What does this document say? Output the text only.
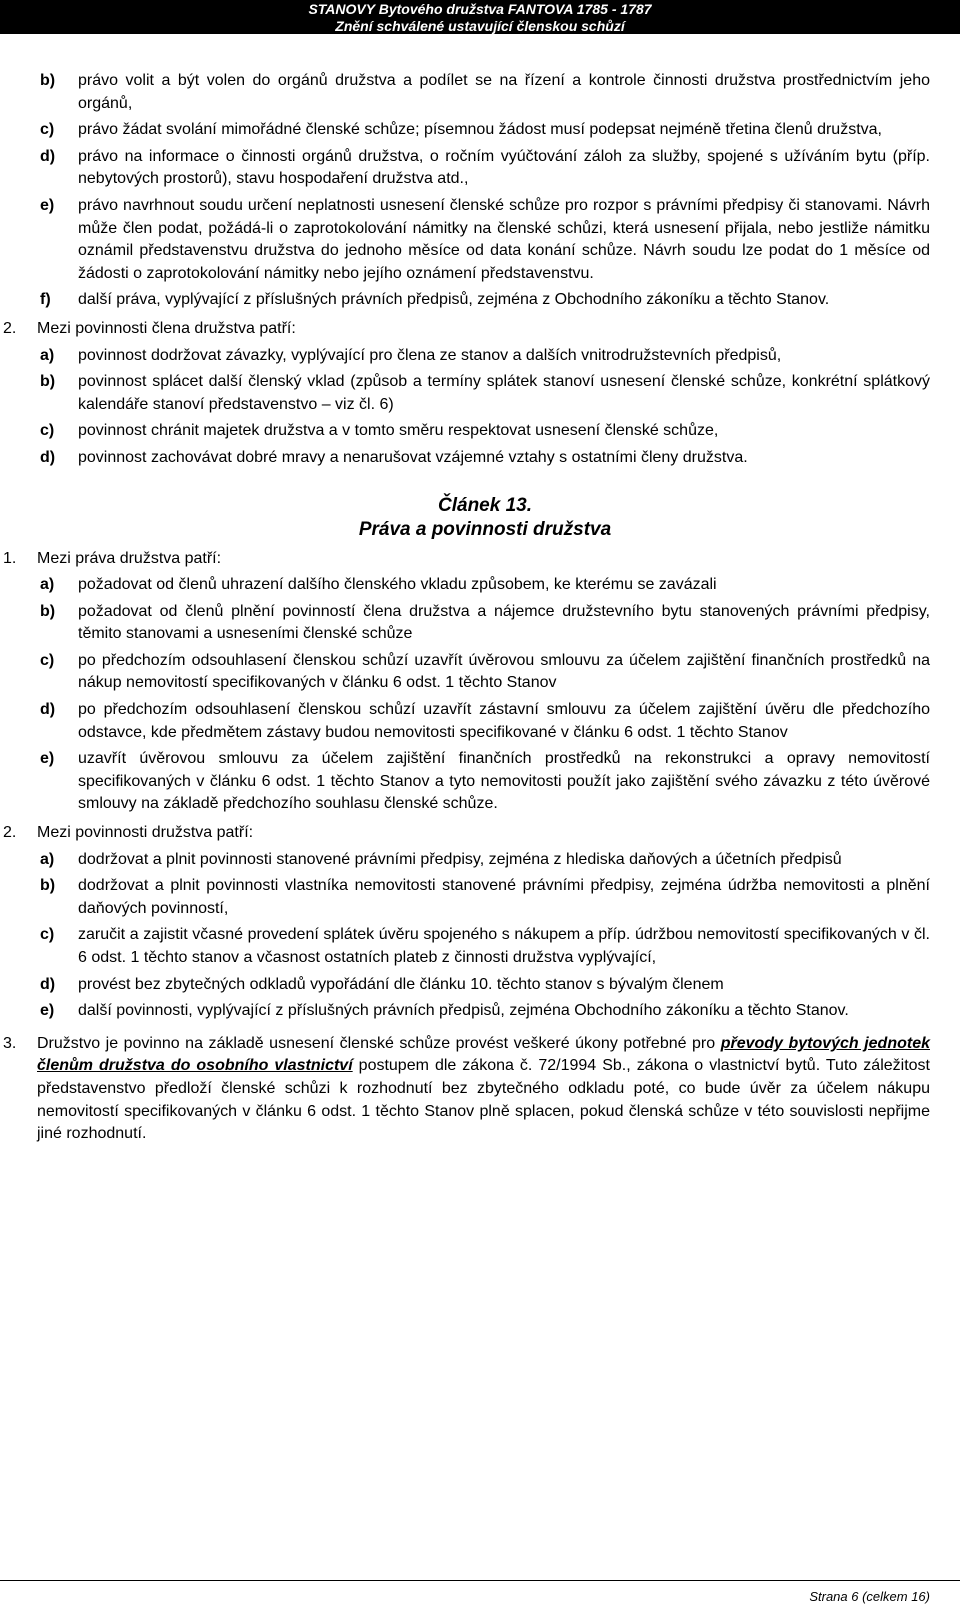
STANOVY Bytového družstva FANTOVA 1785 - 1787
Znění schválené ustavující členskou schůzí
b) právo volit a být volen do orgánů družstva a podílet se na řízení a kontrole činnosti družstva prostřednictvím jeho orgánů,
c) právo žádat svolání mimořádné členské schůze; písemnou žádost musí podepsat nejméně třetina členů družstva,
d) právo na informace o činnosti orgánů družstva, o ročním vyúčtování záloh za služby, spojené s užíváním bytu (příp. nebytových prostorů), stavu hospodaření družstva atd.,
e) právo navrhnout soudu určení neplatnosti usnesení členské schůze pro rozpor s právními předpisy či stanovami. Návrh může člen podat, požádá-li o zaprotokolování námitky na členské schůzi, která usnesení přijala, nebo jestliže námitku oznámil představenstvu družstva do jednoho měsíce od data konání schůze. Návrh soudu lze podat do 1 měsíce od žádosti o zaprotokolování námitky nebo jejího oznámení představenstvu.
f) další práva, vyplývající z příslušných právních předpisů, zejména z Obchodního zákoníku a těchto Stanov.
2. Mezi povinnosti člena družstva patří:
a) povinnost dodržovat závazky, vyplývající pro člena ze stanov a dalších vnitrodružstevních předpisů,
b) povinnost splácet další členský vklad (způsob a termíny splátek stanoví usnesení členské schůze, konkrétní splátkový kalendáře stanoví představenstvo – viz čl. 6)
c) povinnost chránit majetek družstva a v tomto směru respektovat usnesení členské schůze,
d) povinnost zachovávat dobré mravy a nenarušovat vzájemné vztahy s ostatními členy družstva.
Článek 13.
Práva a povinnosti družstva
1. Mezi práva družstva patří:
a) požadovat od členů uhrazení dalšího členského vkladu způsobem, ke kterému se zavázali
b) požadovat od členů plnění povinností člena družstva a nájemce družstevního bytu stanovených právními předpisy, těmito stanovami a usneseními členské schůze
c) po předchozím odsouhlasení členskou schůzí uzavřít úvěrovou smlouvu za účelem zajištění finančních prostředků na nákup nemovitostí specifikovaných v článku 6 odst. 1 těchto Stanov
d) po předchozím odsouhlasení členskou schůzí uzavřít zástavní smlouvu za účelem zajištění úvěru dle předchozího odstavce, kde předmětem zástavy budou nemovitosti specifikované v článku 6 odst. 1 těchto Stanov
e) uzavřít úvěrovou smlouvu za účelem zajištění finančních prostředků na rekonstrukci a opravy nemovitostí specifikovaných v článku 6 odst. 1 těchto Stanov a tyto nemovitosti použít jako zajištění svého závazku z této úvěrové smlouvy na základě předchozího souhlasu členské schůze.
2. Mezi povinnosti družstva patří:
a) dodržovat a plnit povinnosti stanovené právními předpisy, zejména z hlediska daňových a účetních předpisů
b) dodržovat a plnit povinnosti vlastníka nemovitosti stanovené právními předpisy, zejména údržba nemovitosti a plnění daňových povinností,
c) zaručit a zajistit včasné provedení splátek úvěru spojeného s nákupem a příp. údržbou nemovitostí specifikovaných v čl. 6 odst. 1 těchto stanov a včasnost ostatních plateb z činnosti družstva vyplývající,
d) provést bez zbytečných odkladů vypořádání dle článku 10. těchto stanov s bývalým členem
e) další povinnosti, vyplývající z příslušných právních předpisů, zejména Obchodního zákoníku a těchto Stanov.
3. Družstvo je povinno na základě usnesení členské schůze provést veškeré úkony potřebné pro převody bytových jednotek členům družstva do osobního vlastnictví postupem dle zákona č. 72/1994 Sb., zákona o vlastnictví bytů. Tuto záležitost představenstvo předloží členské schůzi k rozhodnutí bez zbytečného odkladu poté, co bude úvěr za účelem nákupu nemovitostí specifikovaných v článku 6 odst. 1 těchto Stanov plně splacen, pokud členská schůze v této souvislosti nepřijme jiné rozhodnutí.
Strana 6 (celkem 16)
